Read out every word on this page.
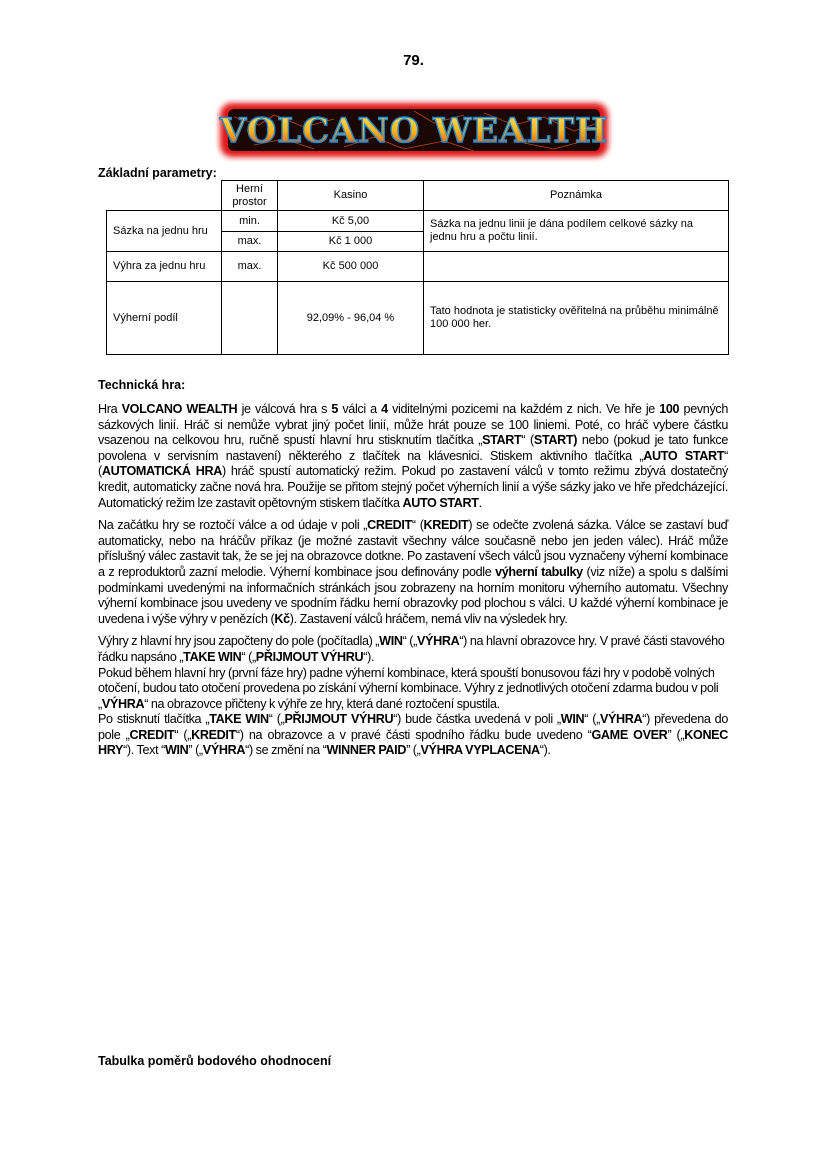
79.
VOLCANO WEALTH
Základní parametry:
	Herní prostor	Kasino	Poznámka
Sázka na jednu hru	min.	Kč 5,00	Sázka na jednu linii je dána podílem celkové sázky na jednu hru a počtu linií.
	max.	Kč 1 000	
Výhra za jednu hru	max.	Kč 500 000	
Výherní podíl		92,09% - 96,04 %	Tato hodnota je statisticky ověřitelná na průběhu minimálně 100 000 her.
Technická hra:

Hra VOLCANO WEALTH je válcová hra s 5 válci a 4 viditelnými pozicemi na každém z nich. Ve hře je 100 pevných sázkových linií. Hráč si nemůže vybrat jiný počet linií, může hrát pouze se 100 liniemi. Poté, co hráč vybere částku vsazenou na celkovou hru, ručně spustí hlavní hru stisknutím tlačítka „START“ (START) nebo (pokud je tato funkce povolena v servisním nastavení) některého z tlačítek na klávesnici. Stiskem aktivního tlačítka „AUTO START“ (AUTOMATICKÁ HRA) hráč spustí automatický režim. Pokud po zastavení válců v tomto režimu zbývá dostatečný kredit, automaticky začne nová hra. Použije se přitom stejný počet výherních linií a výše sázky jako ve hře předcházející. Automatický režim lze zastavit opětovným stiskem tlačítka AUTO START.

Na začátku hry se roztočí válce a od údaje v poli „CREDIT“ (KREDIT) se odečte zvolená sázka. Válce se zastaví buď automaticky, nebo na hráčův příkaz (je možné zastavit všechny válce současně nebo jen jeden válec). Hráč může příslušný válec zastavit tak, že se jej na obrazovce dotkne. Po zastavení všech válců jsou vyznačeny výherní kombinace a z reproduktorů zazní melodie. Výherní kombinace jsou definovány podle výherní tabulky (viz níže) a spolu s dalšími podmínkami uvedenými na informačních stránkách jsou zobrazeny na horním monitoru výherního automatu. Všechny výherní kombinace jsou uvedeny ve spodním řádku herní obrazovky pod plochou s válci. U každé výherní kombinace je uvedena i výše výhry v penězích (Kč). Zastavení válců hráčem, nemá vliv na výsledek hry.

Výhry z hlavní hry jsou započteny do pole (počítadla) „WIN“ („VÝHRA“) na hlavní obrazovce hry. V pravé části stavového řádku napsáno „TAKE WIN“ („PŘIJMOUT VÝHRU“).

Pokud během hlavní hry (první fáze hry) padne výherní kombinace, která spouští bonusovou fázi hry v podobě volných otočení, budou tato otočení provedena po získání výherní kombinace. Výhry z jednotlivých otočení zdarma budou v poli „VÝHRA“ na obrazovce přičteny k výhře ze hry, která dané roztočení spustila.

Po stisknutí tlačítka „TAKE WIN“ („PŘIJMOUT VÝHRU“) bude částka uvedená v poli „WIN“ („VÝHRA“) převedena do pole „CREDIT“ („KREDIT“) na obrazovce a v pravé části spodního řádku bude uvedeno “GAME OVER” („KONEC HRY“). Text “WIN” („VÝHRA“) se změní na “WINNER PAID” („VÝHRA VYPLACENA“).

Tabulka poměrů bodového ohodnocení
